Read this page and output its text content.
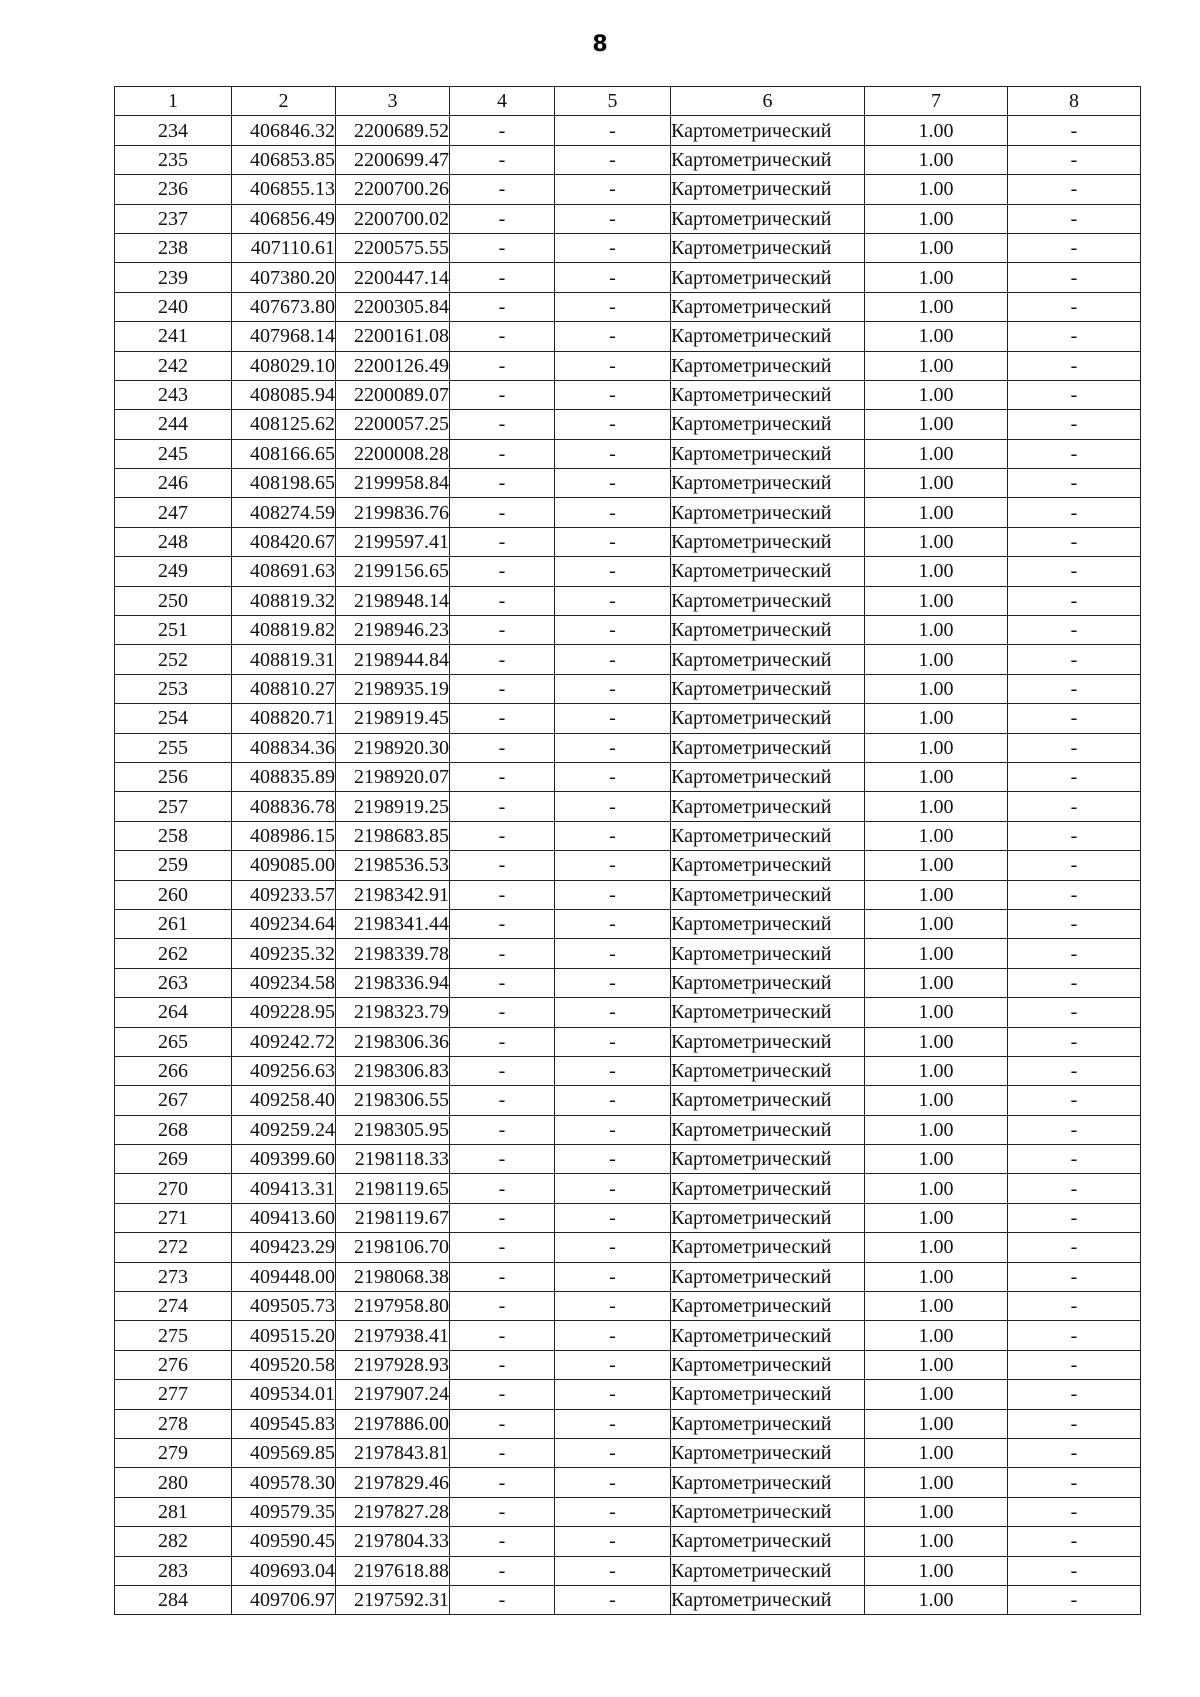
8
1	2	3	4	5	6	7	8
234	406846.32	2200689.52	-	-	Картометрический	1.00	-
235	406853.85	2200699.47	-	-	Картометрический	1.00	-
236	406855.13	2200700.26	-	-	Картометрический	1.00	-
237	406856.49	2200700.02	-	-	Картометрический	1.00	-
238	407110.61	2200575.55	-	-	Картометрический	1.00	-
239	407380.20	2200447.14	-	-	Картометрический	1.00	-
240	407673.80	2200305.84	-	-	Картометрический	1.00	-
241	407968.14	2200161.08	-	-	Картометрический	1.00	-
242	408029.10	2200126.49	-	-	Картометрический	1.00	-
243	408085.94	2200089.07	-	-	Картометрический	1.00	-
244	408125.62	2200057.25	-	-	Картометрический	1.00	-
245	408166.65	2200008.28	-	-	Картометрический	1.00	-
246	408198.65	2199958.84	-	-	Картометрический	1.00	-
247	408274.59	2199836.76	-	-	Картометрический	1.00	-
248	408420.67	2199597.41	-	-	Картометрический	1.00	-
249	408691.63	2199156.65	-	-	Картометрический	1.00	-
250	408819.32	2198948.14	-	-	Картометрический	1.00	-
251	408819.82	2198946.23	-	-	Картометрический	1.00	-
252	408819.31	2198944.84	-	-	Картометрический	1.00	-
253	408810.27	2198935.19	-	-	Картометрический	1.00	-
254	408820.71	2198919.45	-	-	Картометрический	1.00	-
255	408834.36	2198920.30	-	-	Картометрический	1.00	-
256	408835.89	2198920.07	-	-	Картометрический	1.00	-
257	408836.78	2198919.25	-	-	Картометрический	1.00	-
258	408986.15	2198683.85	-	-	Картометрический	1.00	-
259	409085.00	2198536.53	-	-	Картометрический	1.00	-
260	409233.57	2198342.91	-	-	Картометрический	1.00	-
261	409234.64	2198341.44	-	-	Картометрический	1.00	-
262	409235.32	2198339.78	-	-	Картометрический	1.00	-
263	409234.58	2198336.94	-	-	Картометрический	1.00	-
264	409228.95	2198323.79	-	-	Картометрический	1.00	-
265	409242.72	2198306.36	-	-	Картометрический	1.00	-
266	409256.63	2198306.83	-	-	Картометрический	1.00	-
267	409258.40	2198306.55	-	-	Картометрический	1.00	-
268	409259.24	2198305.95	-	-	Картометрический	1.00	-
269	409399.60	2198118.33	-	-	Картометрический	1.00	-
270	409413.31	2198119.65	-	-	Картометрический	1.00	-
271	409413.60	2198119.67	-	-	Картометрический	1.00	-
272	409423.29	2198106.70	-	-	Картометрический	1.00	-
273	409448.00	2198068.38	-	-	Картометрический	1.00	-
274	409505.73	2197958.80	-	-	Картометрический	1.00	-
275	409515.20	2197938.41	-	-	Картометрический	1.00	-
276	409520.58	2197928.93	-	-	Картометрический	1.00	-
277	409534.01	2197907.24	-	-	Картометрический	1.00	-
278	409545.83	2197886.00	-	-	Картометрический	1.00	-
279	409569.85	2197843.81	-	-	Картометрический	1.00	-
280	409578.30	2197829.46	-	-	Картометрический	1.00	-
281	409579.35	2197827.28	-	-	Картометрический	1.00	-
282	409590.45	2197804.33	-	-	Картометрический	1.00	-
283	409693.04	2197618.88	-	-	Картометрический	1.00	-
284	409706.97	2197592.31	-	-	Картометрический	1.00	-
